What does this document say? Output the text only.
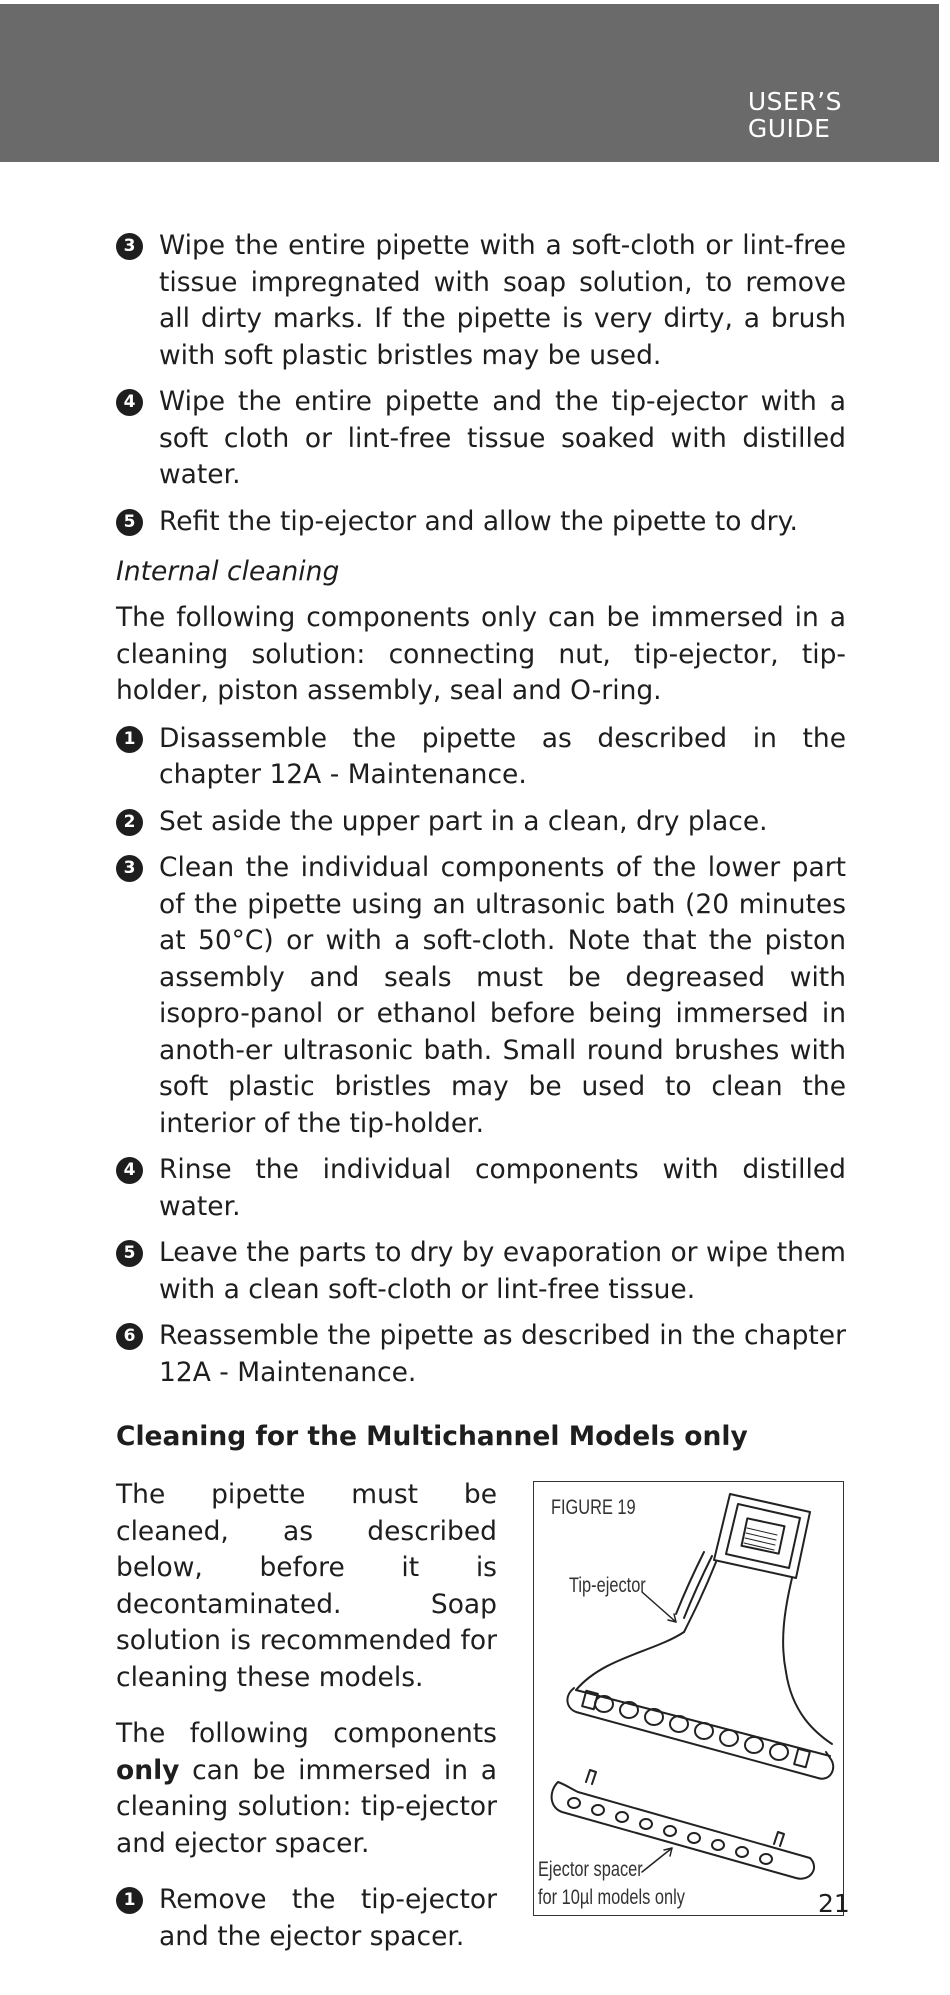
USER’S
GUIDE
3 Wipe the entire pipette with a soft-cloth or lint-free tissue impregnated with soap solution, to remove all dirty marks. If the pipette is very dirty, a brush with soft plastic bristles may be used.
4 Wipe the entire pipette and the tip-ejector with a soft cloth or lint-free tissue soaked with distilled water.
5 Refit the tip-ejector and allow the pipette to dry.
Internal cleaning
The following components only can be immersed in a cleaning solution: connecting nut, tip-ejector, tip-holder, piston assembly, seal and O-ring.
1 Disassemble the pipette as described in the chapter 12A - Maintenance.
2 Set aside the upper part in a clean, dry place.
3 Clean the individual components of the lower part of the pipette using an ultrasonic bath (20 minutes at 50°C) or with a soft-cloth. Note that the piston assembly and seals must be degreased with isopro-panol or ethanol before being immersed in anoth-er ultrasonic bath. Small round brushes with soft plastic bristles may be used to clean the interior of the tip-holder.
4 Rinse the individual components with distilled water.
5 Leave the parts to dry by evaporation or wipe them with a clean soft-cloth or lint-free tissue.
6 Reassemble the pipette as described in the chapter 12A - Maintenance.
Cleaning for the Multichannel Models only
The pipette must be cleaned, as described below, before it is decontaminated. Soap solution is recommended for cleaning these models.
The following components only can be immersed in a cleaning solution: tip-ejector and ejector spacer.
1 Remove the tip-ejector and the ejector spacer.
FIGURE 19
Tip-ejector
Ejector spacer
for 10µl models only	21
